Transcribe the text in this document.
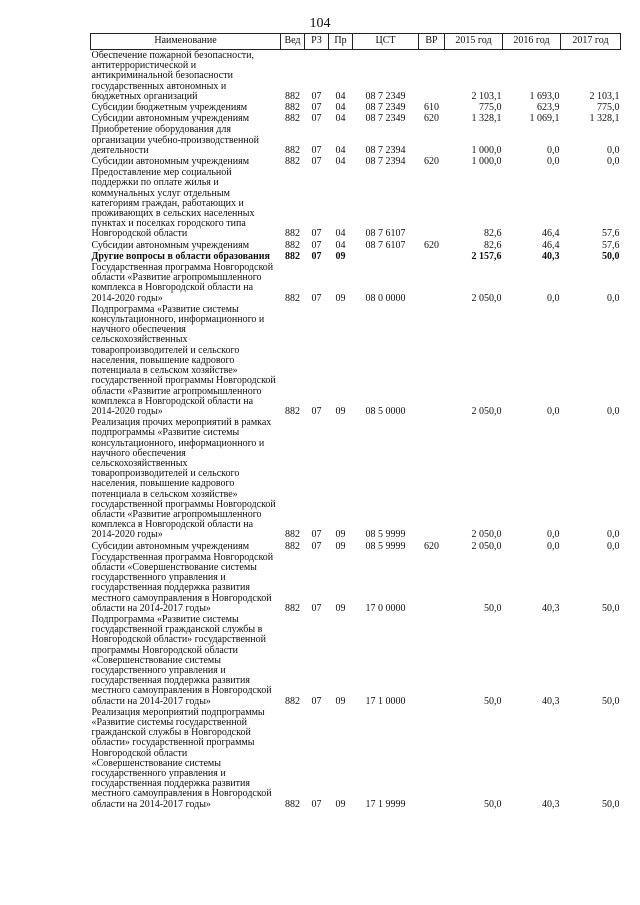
104
Наименование	Вед	РЗ	Пр	ЦСТ	ВР	2015 год	2016 год	2017 год
Обеспечение пожарной безопасности, антитеррористической и антикриминальной безопасности государственных автономных и бюджетных организаций	882	07	04	08 7 2349		2 103,1	1 693,0	2 103,1
Субсидии бюджетным учреждениям	882	07	04	08 7 2349	610	775,0	623,9	775,0
Субсидии автономным учреждениям	882	07	04	08 7 2349	620	1 328,1	1 069,1	1 328,1
Приобретение оборудования для организации учебно-производственной деятельности	882	07	04	08 7 2394		1 000,0	0,0	0,0
Субсидии автономным учреждениям	882	07	04	08 7 2394	620	1 000,0	0,0	0,0
Предоставление мер социальной поддержки по оплате жилья и коммунальных услуг отдельным категориям граждан, работающих и проживающих в сельских населенных пунктах и поселках городского типа Новгородской области	882	07	04	08 7 6107		82,6	46,4	57,6
Субсидии автономным учреждениям	882	07	04	08 7 6107	620	82,6	46,4	57,6
Другие вопросы в области образования	882	07	09			2 157,6	40,3	50,0
Государственная программа Новгородской области «Развитие агропромышленного комплекса в Новгородской области на 2014-2020 годы»	882	07	09	08 0 0000		2 050,0	0,0	0,0
Подпрограмма «Развитие системы консультационного, информационного и научного обеспечения сельскохозяйственных товаропроизводителей и сельского населения, повышение кадрового потенциала в сельском хозяйстве» государственной программы Новгородской области «Развитие агропромышленного комплекса в Новгородской области на 2014-2020 годы»	882	07	09	08 5 0000		2 050,0	0,0	0,0
Реализация прочих мероприятий в рамках подпрограммы «Развитие системы консультационного, информационного и научного обеспечения сельскохозяйственных товаропроизводителей и сельского населения, повышение кадрового потенциала в сельском хозяйстве» государственной программы Новгородской области «Развитие агропромышленного комплекса в Новгородской области на 2014-2020 годы»	882	07	09	08 5 9999		2 050,0	0,0	0,0
Субсидии автономным учреждениям	882	07	09	08 5 9999	620	2 050,0	0,0	0,0
Государственная программа Новгородской области «Совершенствование системы государственного управления и государственная поддержка развития местного самоуправления в Новгородской области на 2014-2017 годы»	882	07	09	17 0 0000		50,0	40,3	50,0
Подпрограмма «Развитие системы государственной гражданской службы в Новгородской области» государственной программы Новгородской области «Совершенствование системы государственного управления и государственная поддержка развития местного самоуправления в Новгородской области на 2014-2017 годы»	882	07	09	17 1 0000		50,0	40,3	50,0
Реализация мероприятий подпрограммы «Развитие системы государственной гражданской службы в Новгородской области» государственной программы Новгородской области «Совершенствование системы государственного управления и государственная поддержка развития местного самоуправления в Новгородской области на 2014-2017 годы»	882	07	09	17 1 9999		50,0	40,3	50,0
